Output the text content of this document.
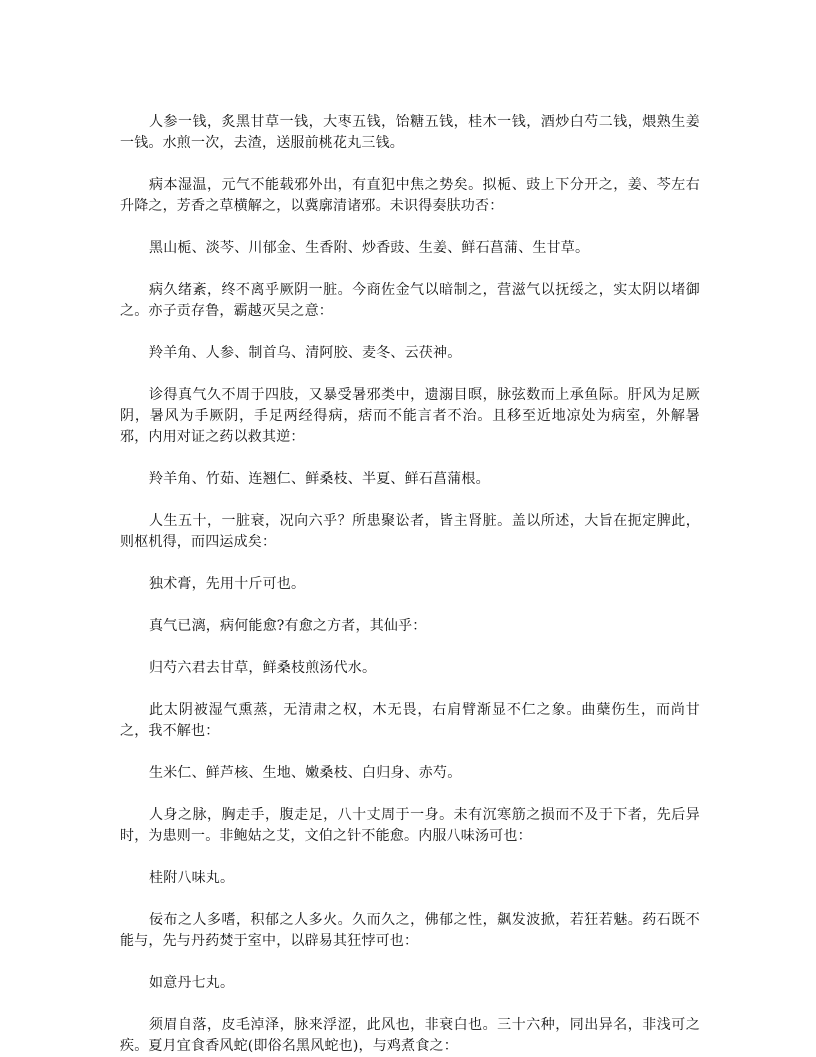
人参一钱，炙黑甘草一钱，大枣五钱，饴糖五钱，桂木一钱，酒炒白芍二钱，煨熟生姜一钱。水煎一次，去渣，送服前桃花丸三钱。

病本湿温，元气不能载邪外出，有直犯中焦之势矣。拟栀、豉上下分开之，姜、芩左右升降之，芳香之草横解之，以冀廓清诸邪。未识得奏肤功否：

黑山栀、淡芩、川郁金、生香附、炒香豉、生姜、鲜石菖蒲、生甘草。

病久绪紊，终不离乎厥阴一脏。今商佐金气以暗制之，营滋气以抚绥之，实太阴以堵御之。亦子贡存鲁，霸越灭吴之意：

羚羊角、人参、制首乌、清阿胶、麦冬、云茯神。

诊得真气久不周于四肢，又暴受暑邪类中，遗溺目暝，脉弦数而上承鱼际。肝风为足厥阴，暑风为手厥阴，手足两经得病，痞而不能言者不治。且移至近地凉处为病室，外解暑邪，内用对证之药以救其逆：

羚羊角、竹茹、连翘仁、鲜桑枝、半夏、鲜石菖蒲根。

人生五十，一脏衰，况向六乎？所患聚讼者，皆主肾脏。盖以所述，大旨在扼定脾此，则枢机得，而四运成矣：

独术膏，先用十斤可也。

真气已漓，病何能愈?有愈之方者，其仙乎：

归芍六君去甘草，鲜桑枝煎汤代水。

此太阴被湿气熏蒸，无清肃之权，木无畏，右肩臂渐显不仁之象。曲蘖伤生，而尚甘之，我不解也：

生米仁、鲜芦核、生地、嫩桑枝、白归身、赤芍。

人身之脉，胸走手，腹走足，八十丈周于一身。未有沉寒筋之损而不及于下者，先后异时，为患则一。非鲍姑之艾，文伯之针不能愈。内服八味汤可也：

桂附八味丸。

佞布之人多嗜，积郁之人多火。久而久之，佛郁之性，飙发波掀，若狂若魅。药石既不能与，先与丹药焚于室中，以辟易其狂悖可也：

如意丹七丸。

须眉自落，皮毛淖泽，脉来浮涩，此风也，非衰白也。三十六种，同出异名，非浅可之疾。夏月宜食香风蛇(即俗名黑风蛇也)，与鸡煮食之：
